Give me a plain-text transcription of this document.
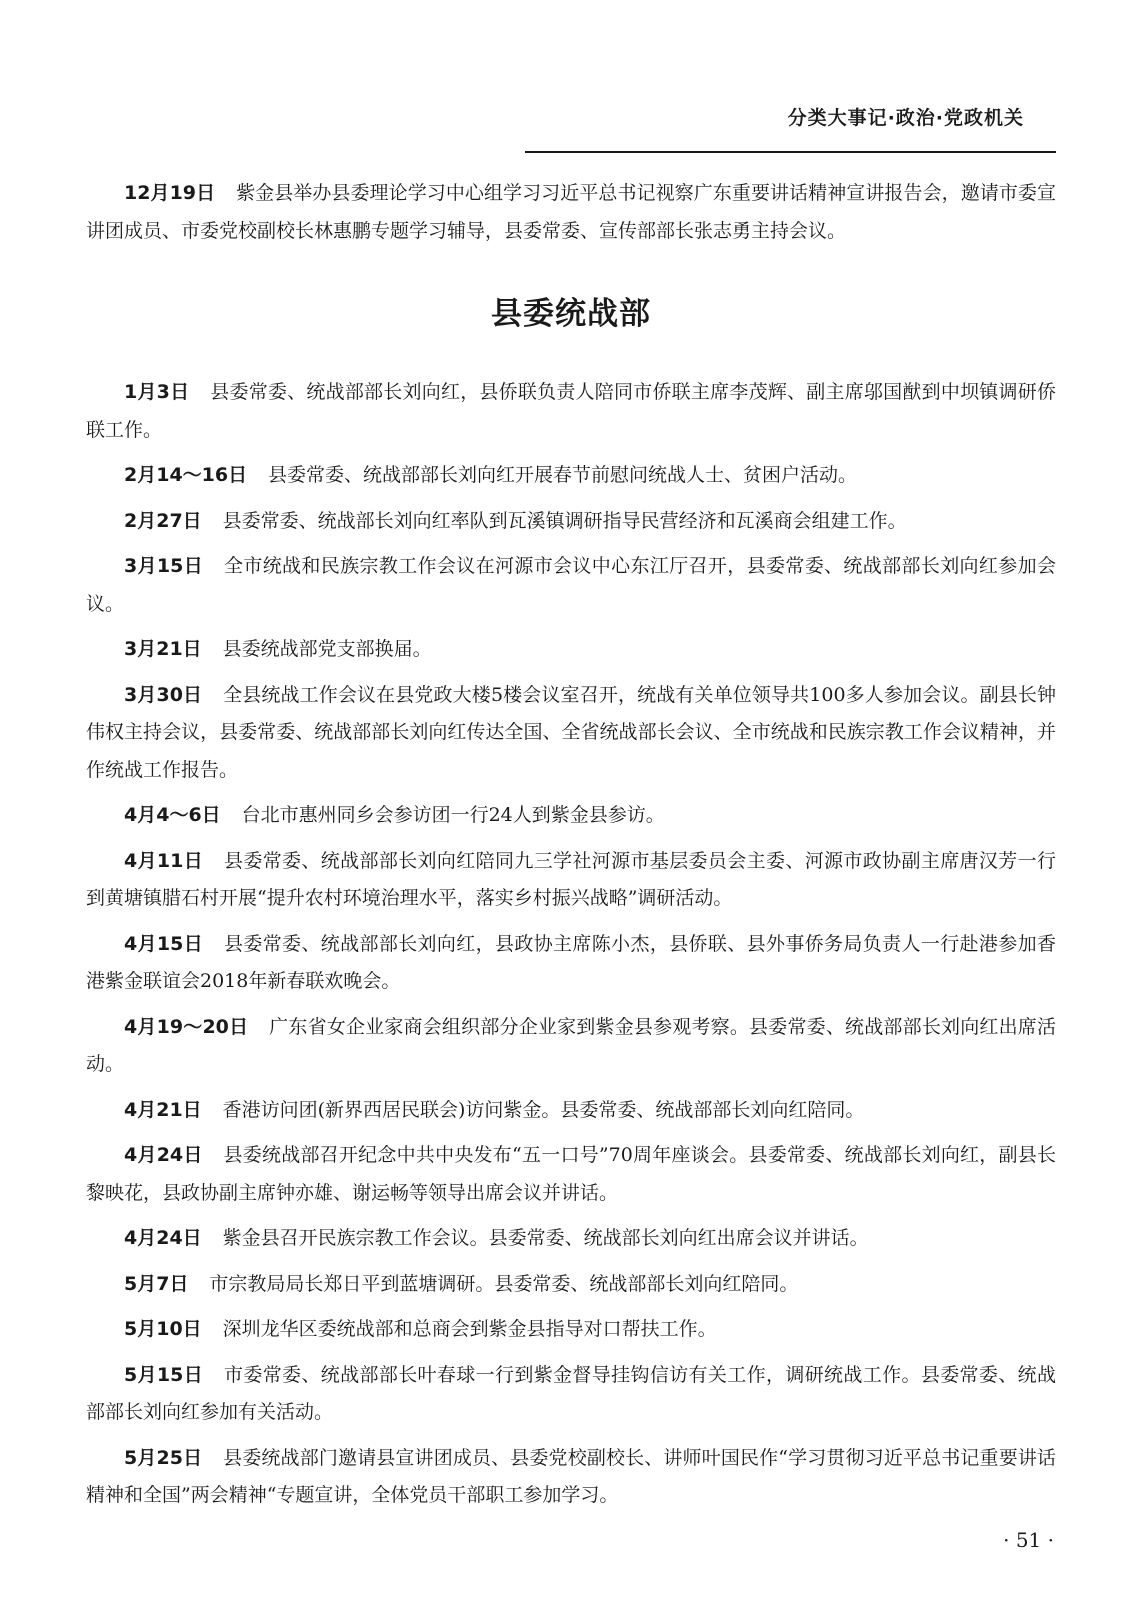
分类大事记·政治·党政机关

12月19日 紫金县举办县委理论学习中心组学习习近平总书记视察广东重要讲话精神宣讲报告会，邀请市委宣讲团成员、市委党校副校长林惠鹏专题学习辅导，县委常委、宣传部部长张志勇主持会议。

县委统战部

1月3日 县委常委、统战部部长刘向红，县侨联负责人陪同市侨联主席李茂辉、副主席邬国猷到中坝镇调研侨联工作。

2月14～16日 县委常委、统战部部长刘向红开展春节前慰问统战人士、贫困户活动。

2月27日 县委常委、统战部长刘向红率队到瓦溪镇调研指导民营经济和瓦溪商会组建工作。

3月15日 全市统战和民族宗教工作会议在河源市会议中心东江厅召开，县委常委、统战部部长刘向红参加会议。

3月21日 县委统战部党支部换届。

3月30日 全县统战工作会议在县党政大楼5楼会议室召开，统战有关单位领导共100多人参加会议。副县长钟伟权主持会议，县委常委、统战部部长刘向红传达全国、全省统战部长会议、全市统战和民族宗教工作会议精神，并作统战工作报告。

4月4～6日 台北市惠州同乡会参访团一行24人到紫金县参访。

4月11日 县委常委、统战部部长刘向红陪同九三学社河源市基层委员会主委、河源市政协副主席唐汉芳一行到黄塘镇腊石村开展“提升农村环境治理水平，落实乡村振兴战略”调研活动。

4月15日 县委常委、统战部部长刘向红，县政协主席陈小杰，县侨联、县外事侨务局负责人一行赴港参加香港紫金联谊会2018年新春联欢晚会。

4月19～20日 广东省女企业家商会组织部分企业家到紫金县参观考察。县委常委、统战部部长刘向红出席活动。

4月21日 香港访问团(新界西居民联会)访问紫金。县委常委、统战部部长刘向红陪同。

4月24日 县委统战部召开纪念中共中央发布“五一口号”70周年座谈会。县委常委、统战部长刘向红，副县长黎映花，县政协副主席钟亦雄、谢运畅等领导出席会议并讲话。

4月24日 紫金县召开民族宗教工作会议。县委常委、统战部长刘向红出席会议并讲话。

5月7日 市宗教局局长郑日平到蓝塘调研。县委常委、统战部部长刘向红陪同。

5月10日 深圳龙华区委统战部和总商会到紫金县指导对口帮扶工作。

5月15日 市委常委、统战部部长叶春球一行到紫金督导挂钩信访有关工作，调研统战工作。县委常委、统战部部长刘向红参加有关活动。

5月25日 县委统战部门邀请县宣讲团成员、县委党校副校长、讲师叶国民作“学习贯彻习近平总书记重要讲话精神和全国”两会精神“专题宣讲，全体党员干部职工参加学习。

· 51 ·
